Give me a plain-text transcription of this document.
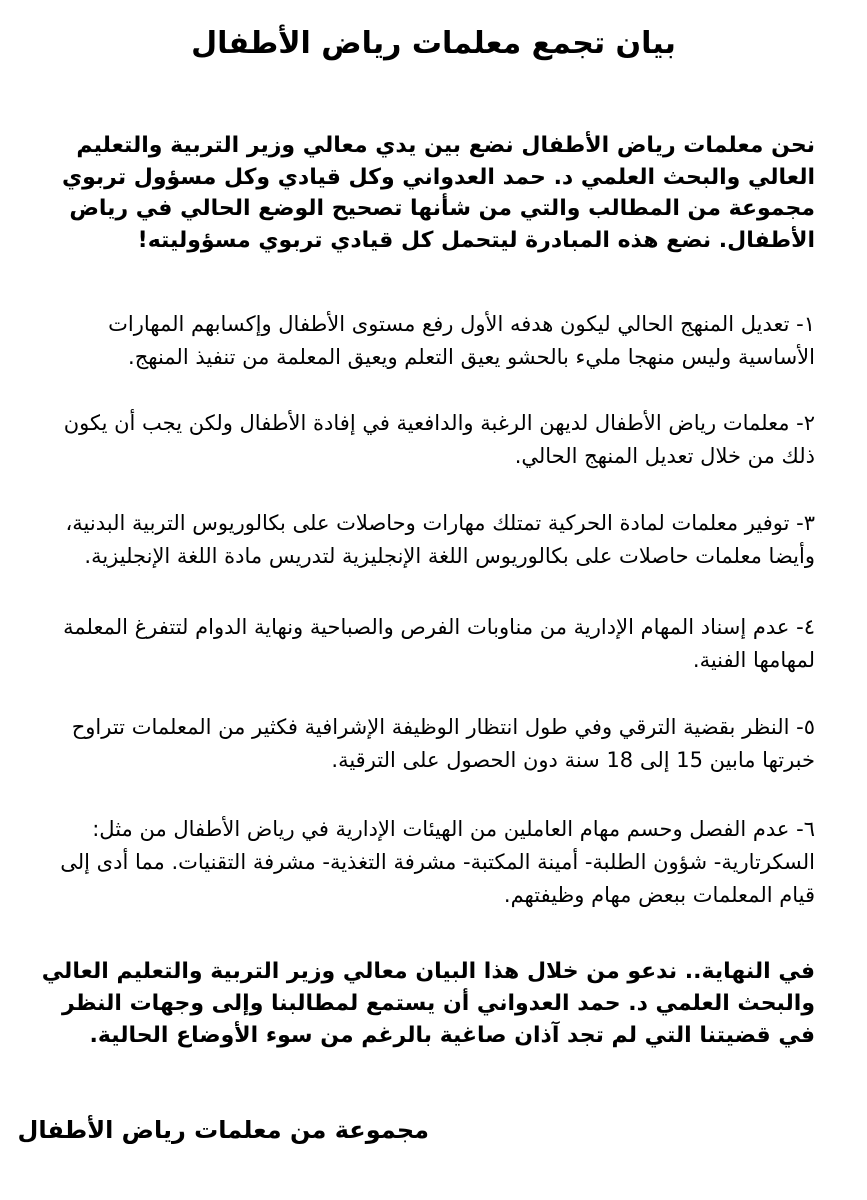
بيان تجمع معلمات رياض الأطفال

نحن معلمات رياض الأطفال نضع بين يدي معالي وزير التربية والتعليم العالي والبحث العلمي د. حمد العدواني وكل قيادي وكل مسؤول تربوي مجموعة من المطالب والتي من شأنها تصحيح الوضع الحالي في رياض الأطفال. نضع هذه المبادرة ليتحمل كل قيادي تربوي مسؤوليته!

١- تعديل المنهج الحالي ليكون هدفه الأول رفع مستوى الأطفال وإكسابهم المهارات الأساسية وليس منهجا مليء بالحشو يعيق التعلم ويعيق المعلمة من تنفيذ المنهج.

٢- معلمات رياض الأطفال لديهن الرغبة والدافعية في إفادة الأطفال ولكن يجب أن يكون ذلك من خلال تعديل المنهج الحالي.

٣- توفير معلمات لمادة الحركية تمتلك مهارات وحاصلات على بكالوريوس التربية البدنية، وأيضا معلمات حاصلات على بكالوريوس اللغة الإنجليزية لتدريس مادة اللغة الإنجليزية.

٤- عدم إسناد المهام الإدارية من مناوبات الفرص والصباحية ونهاية الدوام لتتفرغ المعلمة لمهامها الفنية.

٥- النظر بقضية الترقي وفي طول انتظار الوظيفة الإشرافية فكثير من المعلمات تتراوح خبرتها مابين 15 إلى 18 سنة دون الحصول على الترقية.

٦- عدم الفصل وحسم مهام العاملين من الهيئات الإدارية في رياض الأطفال من مثل:
السكرتارية- شؤون الطلبة- أمينة المكتبة- مشرفة التغذية- مشرفة التقنيات. مما أدى إلى قيام المعلمات ببعض مهام وظيفتهم.

في النهاية.. ندعو من خلال هذا البيان معالي وزير التربية والتعليم العالي والبحث العلمي د. حمد العدواني أن يستمع لمطالبنا وإلى وجهات النظر في قضيتنا التي لم تجد آذان صاغية بالرغم من سوء الأوضاع الحالية.

مجموعة من معلمات رياض الأطفال
